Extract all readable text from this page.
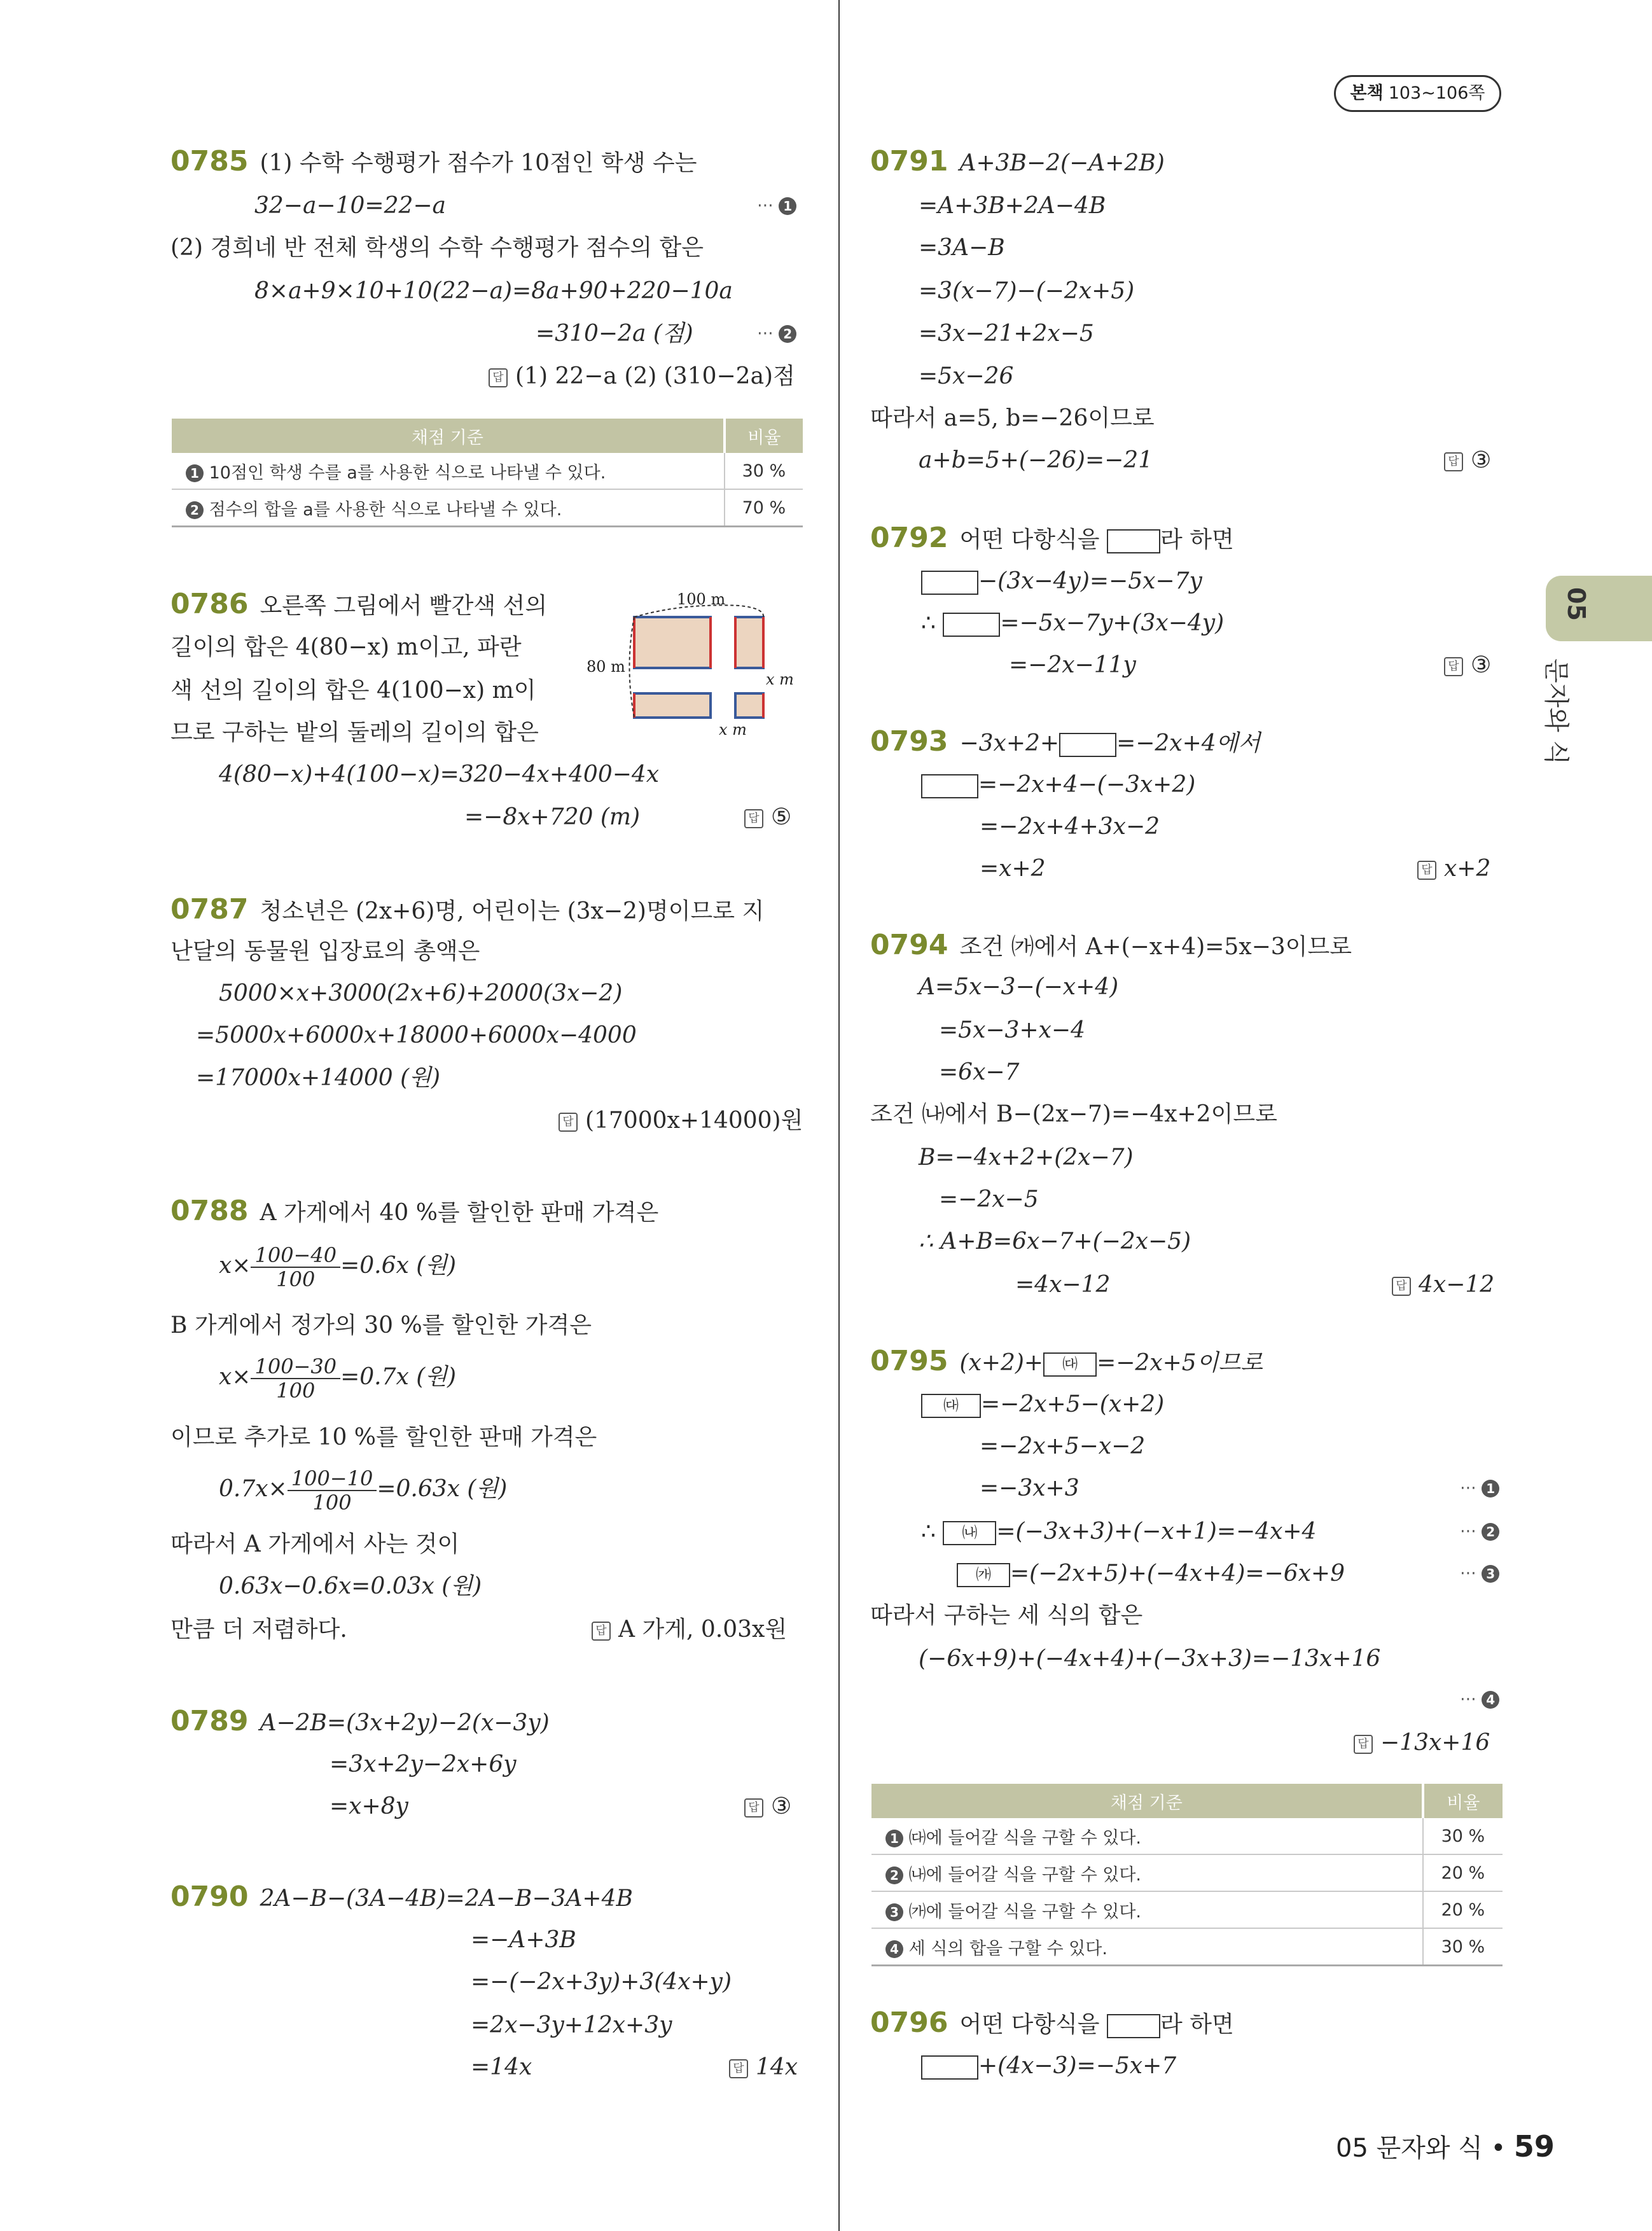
본책 103∼106쪽
05
문자와 식
0785 (1) 수학 수행평가 점수가 10점인 학생 수는
32−a−10=22−a	⋯ 1
(2) 경희네 반 전체 학생의 수학 수행평가 점수의 합은
8×a+9×10+10(22−a)=8a+90+220−10a
=310−2a (점)	⋯ 2
답 (1) 22−a (2) (310−2a)점
채점 기준	비율
1 10점인 학생 수를 a를 사용한 식으로 나타낼 수 있다.	30 %
2 점수의 합을 a를 사용한 식으로 나타낼 수 있다.	70 %
0786 오른쪽 그림에서 빨간색 선의
길이의 합은 4(80−x) m이고, 파란
색 선의 길이의 합은 4(100−x) m이
므로 구하는 밭의 둘레의 길이의 합은
100 m
80 m
x m
x m
4(80−x)+4(100−x)=320−4x+400−4x
=−8x+720 (m)	답 ⑤
0787 청소년은 (2x+6)명, 어린이는 (3x−2)명이므로 지
난달의 동물원 입장료의 총액은
5000×x+3000(2x+6)+2000(3x−2)
=5000x+6000x+18000+6000x−4000
=17000x+14000 (원)
답 (17000x+14000)원
0788 A 가게에서 40 %를 할인한 판매 가격은
$x\times \frac{100-40}{100} =0.6x$ (원)
B 가게에서 정가의 30 %를 할인한 가격은
$x\times \frac{100-30}{100} =0.7x$ (원)
이므로 추가로 10 %를 할인한 판매 가격은
$0.7x\times \frac{100-10}{100} =0.63x$ (원)
따라서 A 가게에서 사는 것이
0.63x−0.6x=0.03x (원)
만큼 더 저렴하다.	답 A 가게, 0.03x원
0789 A−2B=(3x+2y)−2(x−3y)
=3x+2y−2x+6y
=x+8y	답 ③
0790 2A−B−(3A−4B)=2A−B−3A+4B
=−A+3B
=−(−2x+3y)+3(4x+y)
=2x−3y+12x+3y
=14x	답 14x
0791 A+3B−2(−A+2B)
=A+3B+2A−4B
=3A−B
=3(x−7)−(−2x+5)
=3x−21+2x−5
=5x−26
따라서 a=5, b=−26이므로
a+b=5+(−26)=−21	답 ③
0792 어떤 다항식을	라 하면
−(3x−4y)=−5x−7y
∴	=−5x−7y+(3x−4y)
=−2x−11y	답 ③
0793 −3x+2+	=−2x+4에서
=−2x+4−(−3x+2)
=−2x+4+3x−2
=x+2	답 x+2
0794 조건 ㈎에서 A+(−x+4)=5x−3이므로
A=5x−3−(−x+4)
=5x−3+x−4
=6x−7
조건 ㈏에서 B−(2x−7)=−4x+2이므로
B=−4x+2+(2x−7)
=−2x−5
∴ A+B=6x−7+(−2x−5)
=4x−12	답 4x−12
0795 (x+2)+ ㈐ =−2x+5이므로
㈐ =−2x+5−(x+2)
=−2x+5−x−2
=−3x+3	⋯ 1
∴ ㈏ =(−3x+3)+(−x+1)=−4x+4	⋯ 2
㈎ =(−2x+5)+(−4x+4)=−6x+9	⋯ 3
따라서 구하는 세 식의 합은
(−6x+9)+(−4x+4)+(−3x+3)=−13x+16
⋯ 4
답 −13x+16
채점 기준	비율
1 ㈐에 들어갈 식을 구할 수 있다.	30 %
2 ㈏에 들어갈 식을 구할 수 있다.	20 %
3 ㈎에 들어갈 식을 구할 수 있다.	20 %
4 세 식의 합을 구할 수 있다.	30 %
0796 어떤 다항식을	라 하면
+(4x−3)=−5x+7
05 문자와 식 • 59
